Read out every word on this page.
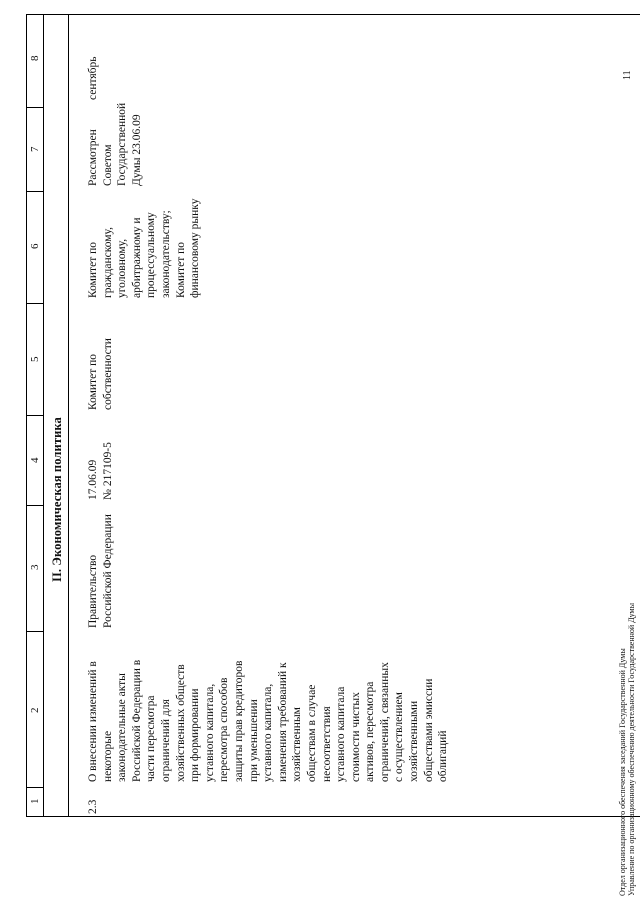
1
2
3
4
5
6
7
8
II. Экономическая политика
2.3
О внесении изменений в некоторые законодательные акты Российской Федерации в части пересмотра ограничений для хозяйственных обществ при формировании уставного капитала, пересмотра способов защиты прав кредиторов при уменьшении уставного капитала, изменения требований к хозяйственным обществам в случае несоответствия уставного капитала стоимости чистых активов, пересмотра ограничений, связанных с осуществлением хозяйственными обществами эмиссии облигаций
Правительство Российской Федерации
17.06.09 № 217109-5
Комитет по собственности
Комитет по гражданскому, уголовному, арбитражному и процессуальному законодательству; Комитет по финансовому рынку
Рассмотрен Советом Государственной Думы 23.06.09
сентябрь
Отдел организационного обеспечения заседаний Государственной Думы Управление по организационному обеспечению деятельности Государственной Думы
11
